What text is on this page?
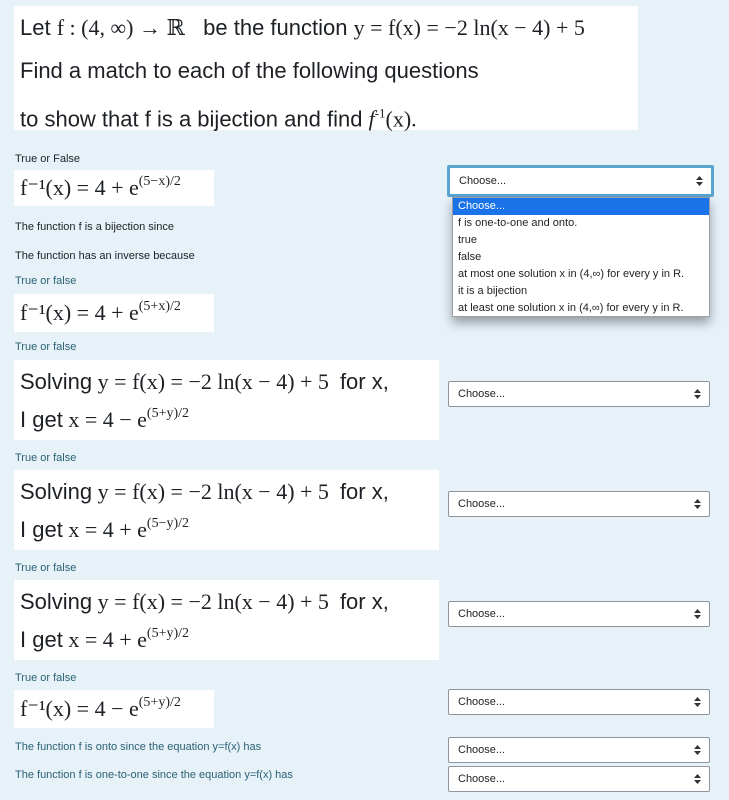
Let f : (4, ∞) → ℝ be the function y = f(x) = −2 ln(x − 4) + 5
Find a match to each of the following questions
to show that f is a bijection and find $f^{-1}(x)$.
True or False
$f^{-1}(x) = 4 + e^{(5-x)/2}$
The function f is a bijection since
The function has an inverse because
True or false
$f^{-1}(x) = 4 + e^{(5+x)/2}$
True or false
Solving y = f(x) = −2 ln(x − 4) + 5 for x,
I get $x = 4 - e^{(5+y)/2}$
True or false
Solving y = f(x) = −2 ln(x − 4) + 5 for x,
I get $x = 4 + e^{(5-y)/2}$
True or false
Solving y = f(x) = −2 ln(x − 4) + 5 for x,
I get $x = 4 + e^{(5+y)/2}$
True or false
$f^{-1}(x) = 4 - e^{(5+y)/2}$
The function f is onto since the equation y=f(x) has
The function f is one-to-one since the equation y=f(x) has
Choose...
Choose...
f is one-to-one and onto.
true
false
at most one solution x in (4,∞) for every y in R.
it is a bijection
at least one solution x in (4,∞) for every y in R.
Choose...
Choose...
Choose...
Choose...
Choose...
Choose...
